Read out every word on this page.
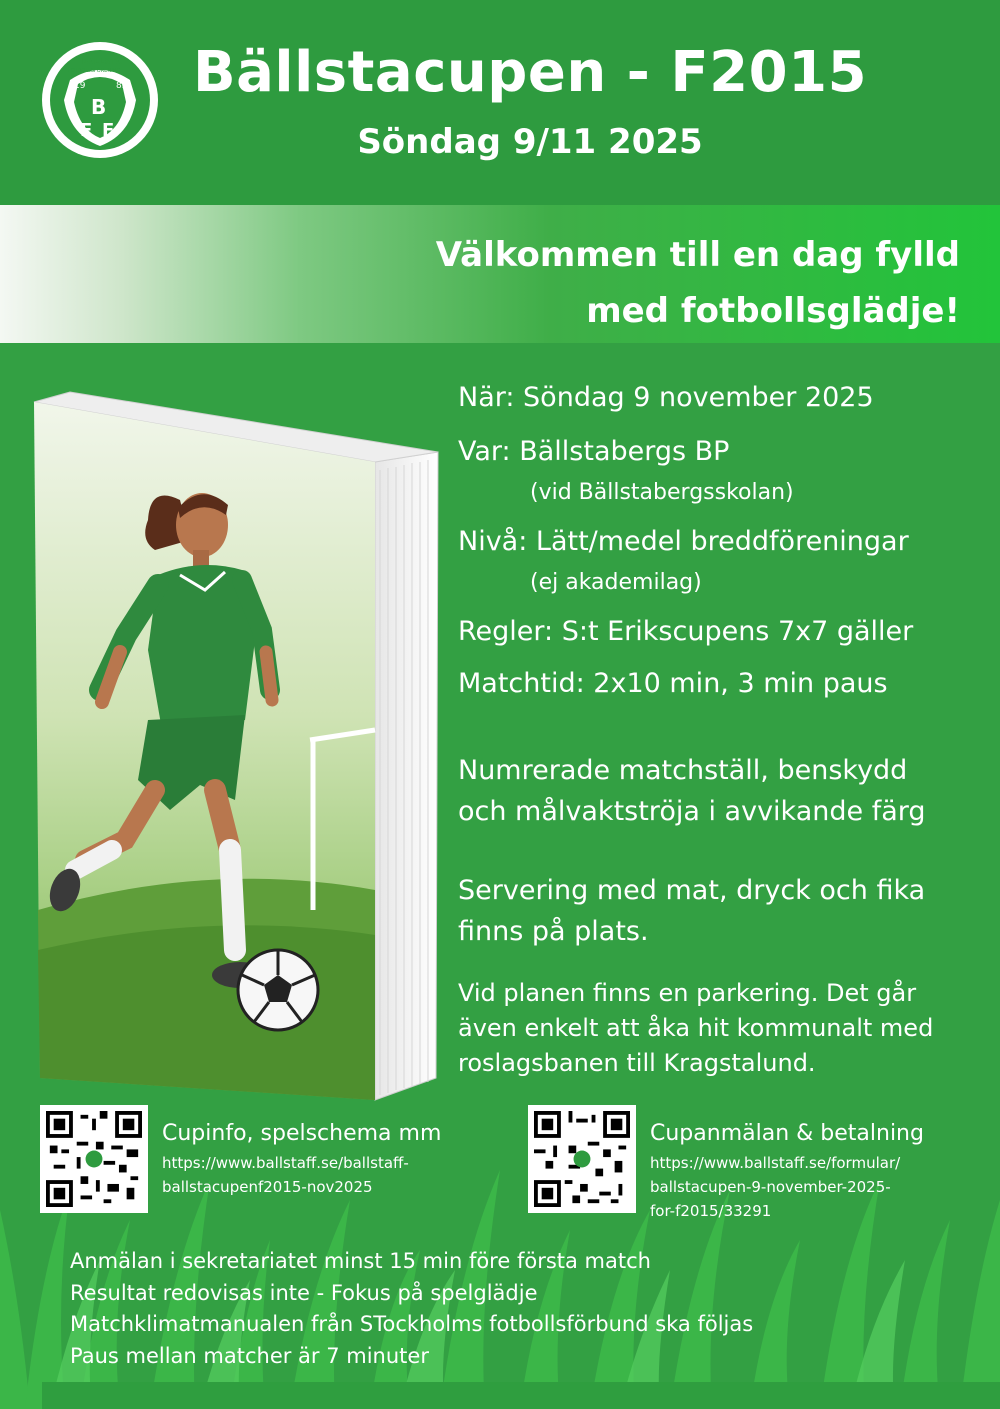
19	83
B
F F
BÄLLSTA
FOTBOLLSFÖRENING	Bällstacupen - F2015
Söndag 9/11 2025
Välkommen till en dag fylld
med fotbollsglädje!
När: Söndag 9 november 2025
Var: Bällstabergs BP
(vid Bällstabergsskolan)
Nivå: Lätt/medel breddföreningar
(ej akademilag)
Regler: S:t Erikscupens 7x7 gäller
Matchtid: 2x10 min, 3 min paus
Numrerade matchställ, benskydd
och målvaktströja i avvikande färg
Servering med mat, dryck och fika
finns på plats.
Vid planen finns en parkering. Det går
även enkelt att åka hit kommunalt med
roslagsbanen till Kragstalund.
Cupinfo, spelschema mm
https://www.ballstaff.se/ballstaff-
ballstacupenf2015-nov2025
Cupanmälan & betalning
https://www.ballstaff.se/formular/
ballstacupen-9-november-2025-
for-f2015/33291
Anmälan i sekretariatet minst 15 min före första match
Resultat redovisas inte - Fokus på spelglädje
Matchklimatmanualen från STockholms fotbollsförbund ska följas
Paus mellan matcher är 7 minuter
